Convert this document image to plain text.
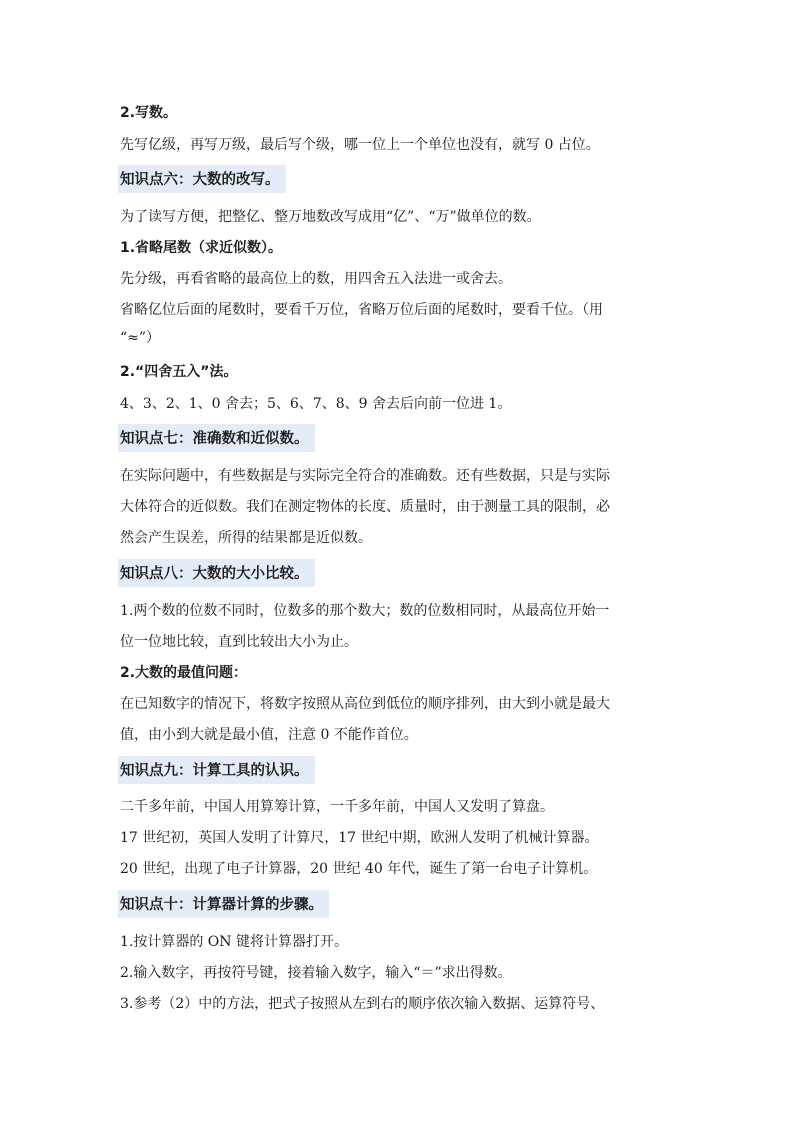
2.写数。
先写亿级，再写万级，最后写个级，哪一位上一个单位也没有，就写 0 占位。
知识点六：大数的改写。
为了读写方便，把整亿、整万地数改写成用“亿”、“万”做单位的数。
1.省略尾数（求近似数）。
先分级，再看省略的最高位上的数，用四舍五入法进一或舍去。
省略亿位后面的尾数时，要看千万位，省略万位后面的尾数时，要看千位。（用
“≈”）
2.“四舍五入”法。
4、3、2、1、0 舍去；5、6、7、8、9 舍去后向前一位进 1。
知识点七：准确数和近似数。
在实际问题中，有些数据是与实际完全符合的准确数。还有些数据，只是与实际
大体符合的近似数。我们在测定物体的长度、质量时，由于测量工具的限制，必
然会产生误差，所得的结果都是近似数。
知识点八：大数的大小比较。
1.两个数的位数不同时，位数多的那个数大；数的位数相同时，从最高位开始一
位一位地比较，直到比较出大小为止。
2.大数的最值问题：
在已知数字的情况下，将数字按照从高位到低位的顺序排列，由大到小就是最大
值，由小到大就是最小值，注意 0 不能作首位。
知识点九：计算工具的认识。
二千多年前，中国人用算筹计算，一千多年前，中国人又发明了算盘。
17 世纪初，英国人发明了计算尺，17 世纪中期，欧洲人发明了机械计算器。
20 世纪，出现了电子计算器，20 世纪 40 年代，诞生了第一台电子计算机。
知识点十：计算器计算的步骤。
1.按计算器的 ON 键将计算器打开。
2.输入数字，再按符号键，接着输入数字，输入“＝”求出得数。
3.参考（2）中的方法，把式子按照从左到右的顺序依次输入数据、运算符号、
